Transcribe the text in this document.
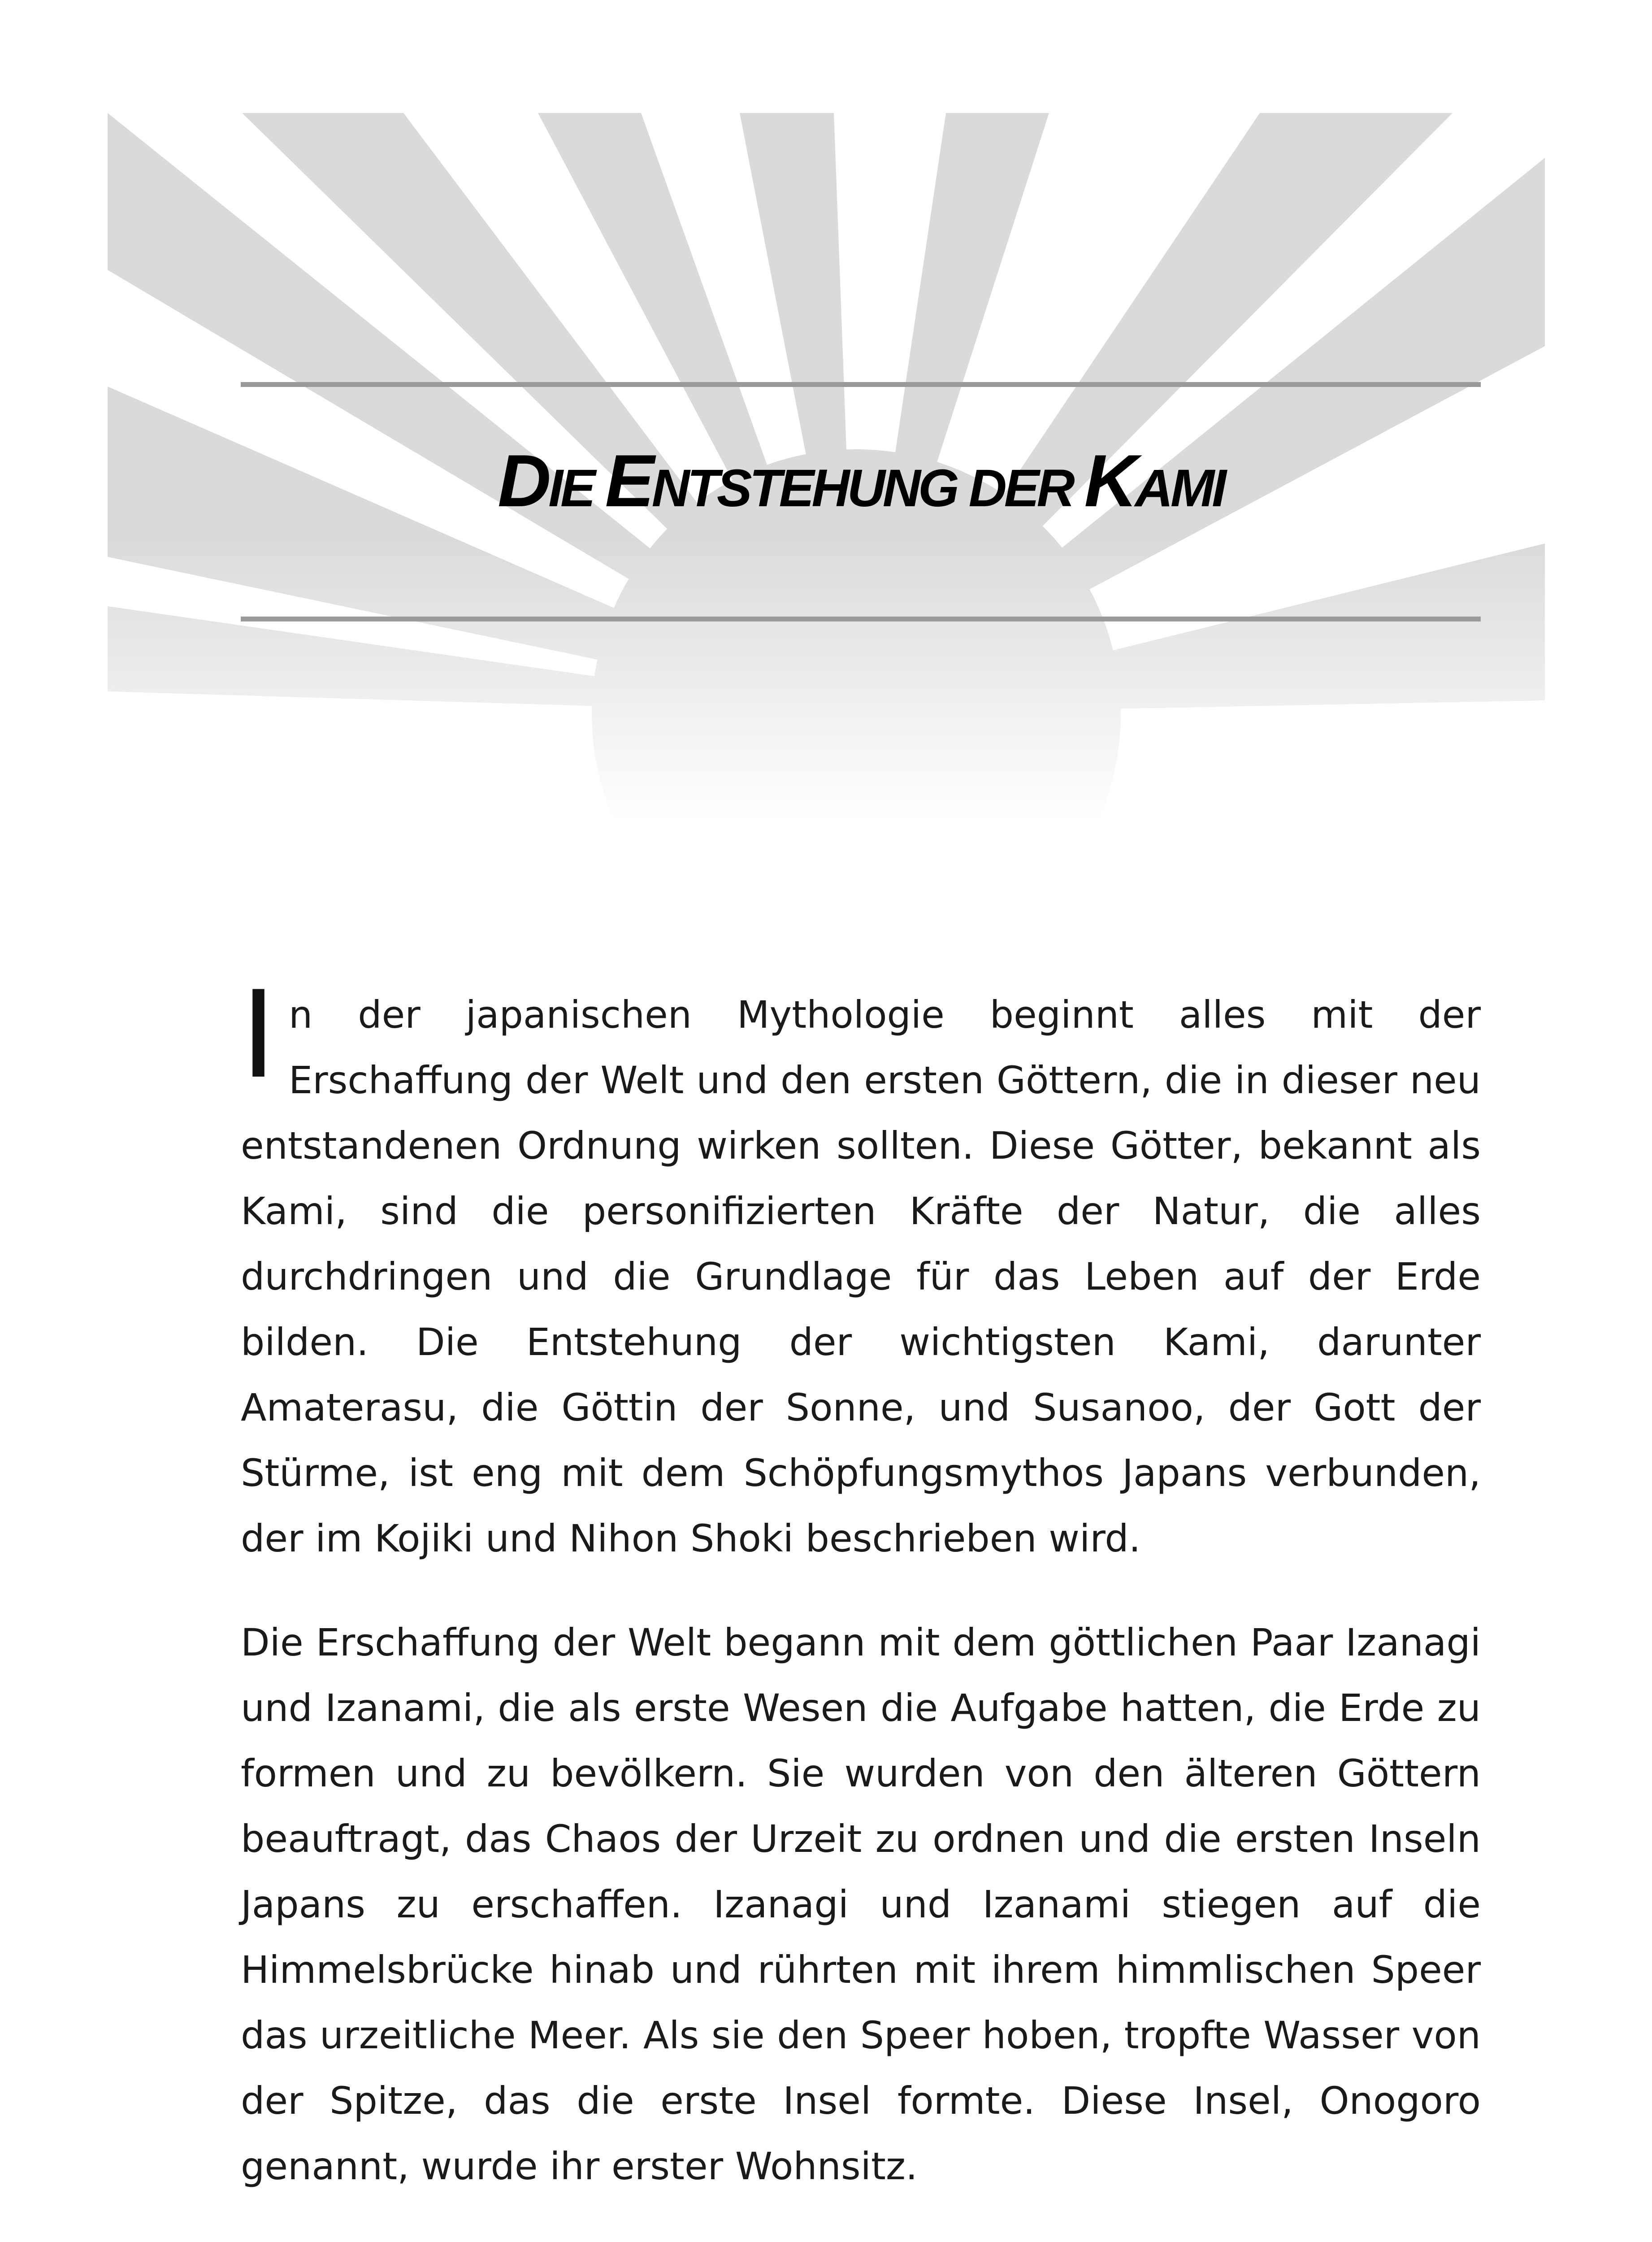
DIE ENTSTEHUNG DER KAMI

In der japanischen Mythologie beginnt alles mit der Erschaffung der Welt und den ersten Göttern, die in dieser neu entstandenen Ordnung wirken sollten. Diese Götter, bekannt als Kami, sind die personifizierten Kräfte der Natur, die alles durchdringen und die Grundlage für das Leben auf der Erde bilden. Die Entstehung der wichtigsten Kami, darunter Amaterasu, die Göttin der Sonne, und Susanoo, der Gott der Stürme, ist eng mit dem Schöpfungsmythos Japans verbunden, der im Kojiki und Nihon Shoki beschrieben wird.

Die Erschaffung der Welt begann mit dem göttlichen Paar Izanagi und Izanami, die als erste Wesen die Aufgabe hatten, die Erde zu formen und zu bevölkern. Sie wurden von den älteren Göttern beauftragt, das Chaos der Urzeit zu ordnen und die ersten Inseln Japans zu erschaffen. Izanagi und Izanami stiegen auf die Himmelsbrücke hinab und rührten mit ihrem himmlischen Speer das urzeitliche Meer. Als sie den Speer hoben, tropfte Wasser von der Spitze, das die erste Insel formte. Diese Insel, Onogoro genannt, wurde ihr erster Wohnsitz.
